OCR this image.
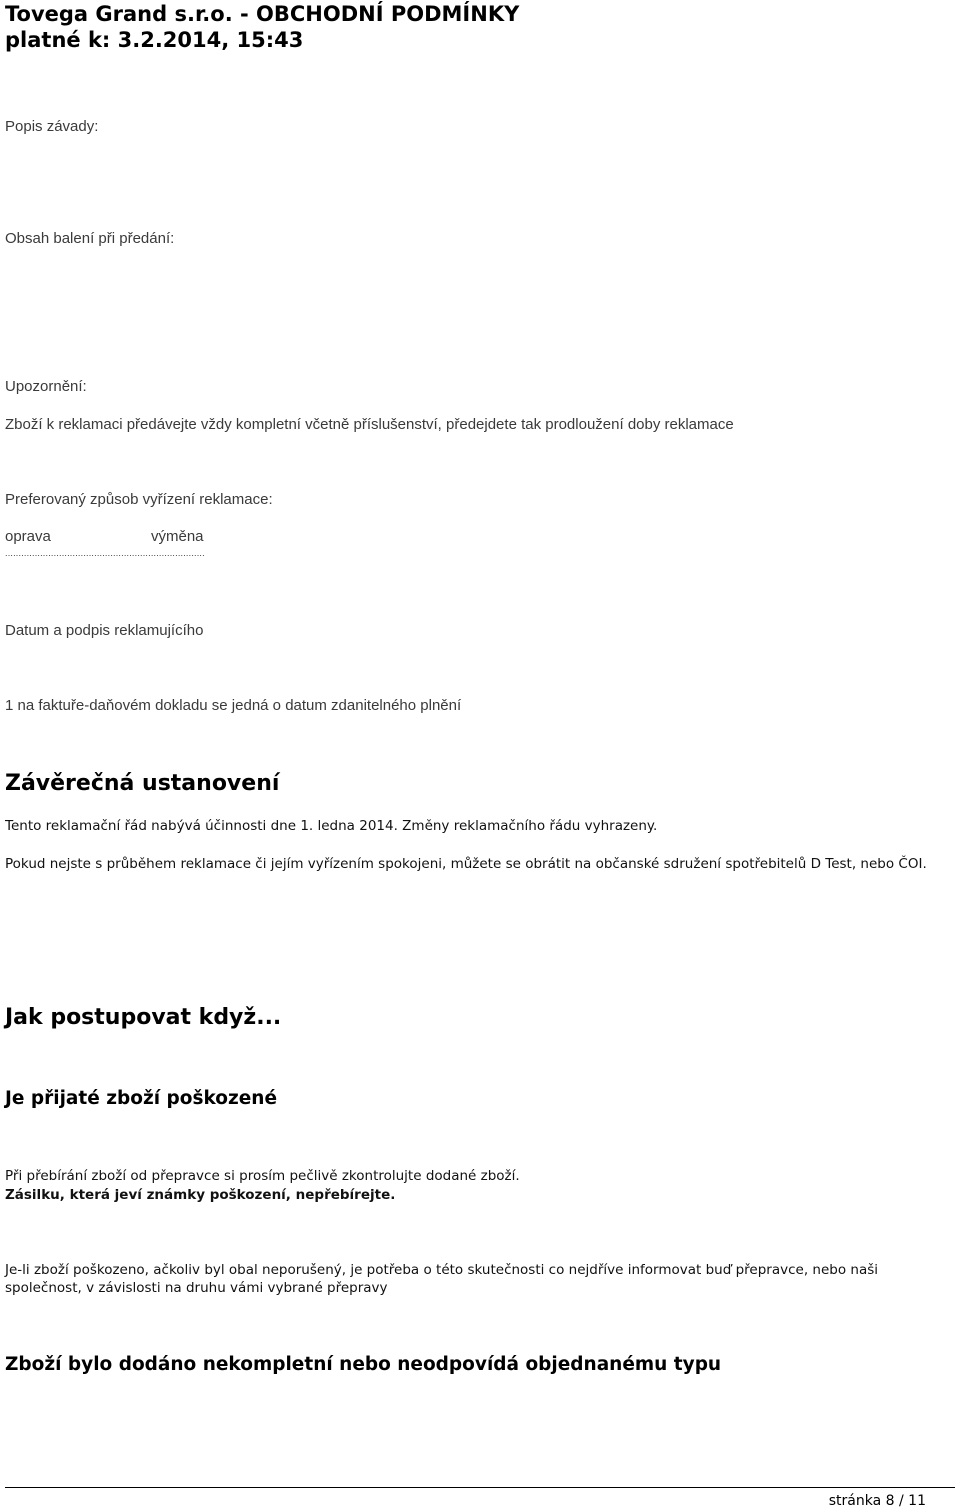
Tovega Grand s.r.o. - OBCHODNÍ PODMÍNKY
platné k: 3.2.2014, 15:43
Popis závady:
Obsah balení při předání:
Upozornění:
Zboží k reklamaci předávejte vždy kompletní včetně příslušenství, předejdete tak prodloužení doby reklamace
Preferovaný způsob vyřízení reklamace:
oprava	výměna
..........................................................................
Datum a podpis reklamujícího
1 na faktuře-daňovém dokladu se jedná o datum zdanitelného plnění
Závěrečná ustanovení
Tento reklamační řád nabývá účinnosti dne 1. ledna 2014. Změny reklamačního řádu vyhrazeny.
Pokud nejste s průběhem reklamace či jejím vyřízením spokojeni, můžete se obrátit na občanské sdružení spotřebitelů D Test, nebo ČOI.
Jak postupovat když...
Je přijaté zboží poškozené
Při přebírání zboží od přepravce si prosím pečlivě zkontrolujte dodané zboží.
Zásilku, která jeví známky poškození, nepřebírejte.
Je-li zboží poškozeno, ačkoliv byl obal neporušený, je potřeba o této skutečnosti co nejdříve informovat buď přepravce, nebo naši společnost, v závislosti na druhu vámi vybrané přepravy
Zboží bylo dodáno nekompletní nebo neodpovídá objednanému typu
stránka 8 / 11
